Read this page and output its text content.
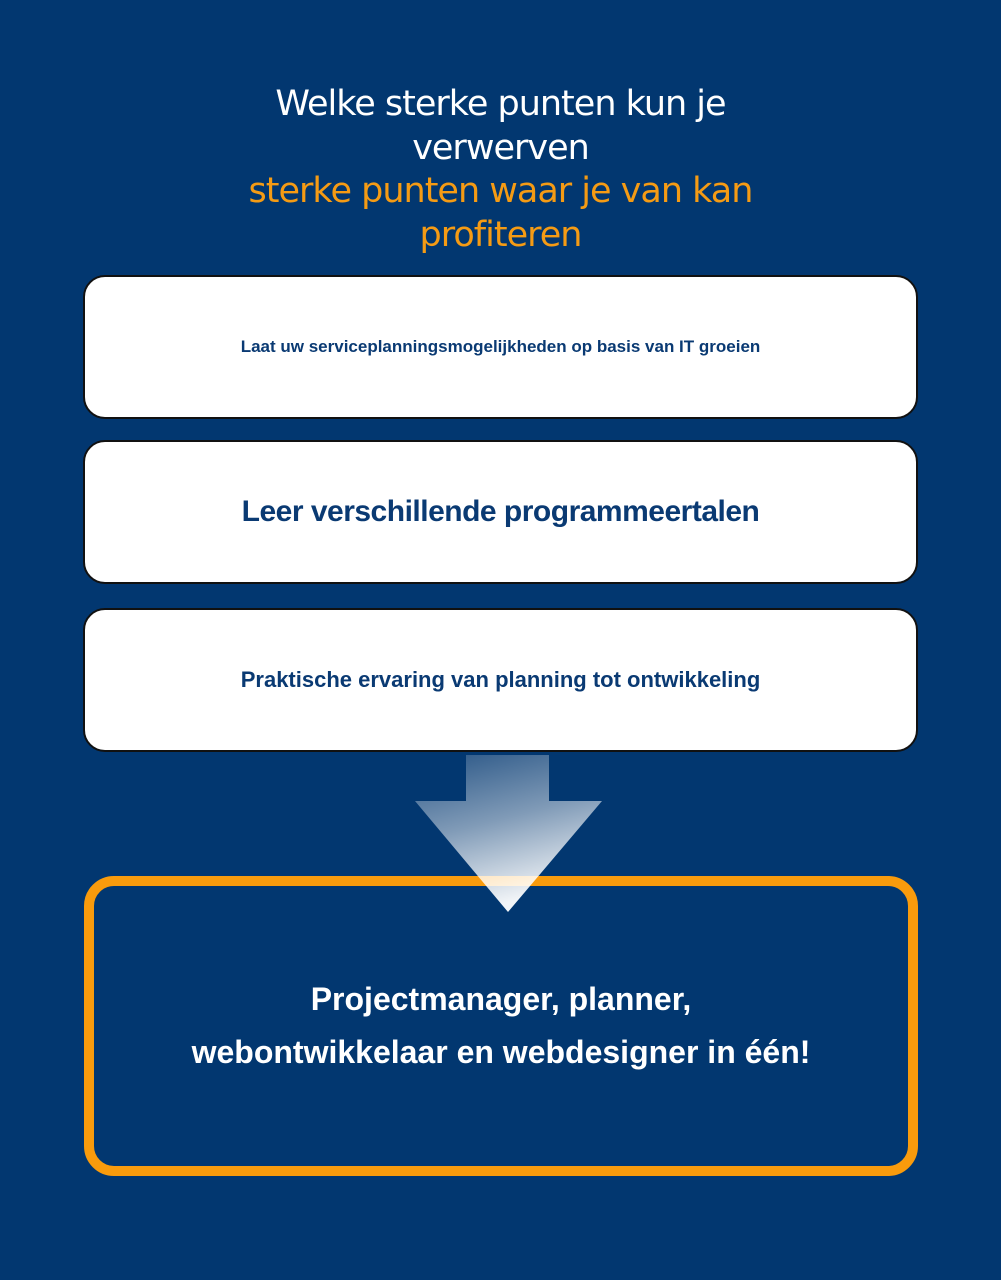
Welke sterke punten kun je
verwerven
sterke punten waar je van kan
profiteren
Laat uw serviceplanningsmogelijkheden op basis van IT groeien
Leer verschillende programmeertalen
Praktische ervaring van planning tot ontwikkeling
Projectmanager, planner,
webontwikkelaar en webdesigner in één!
